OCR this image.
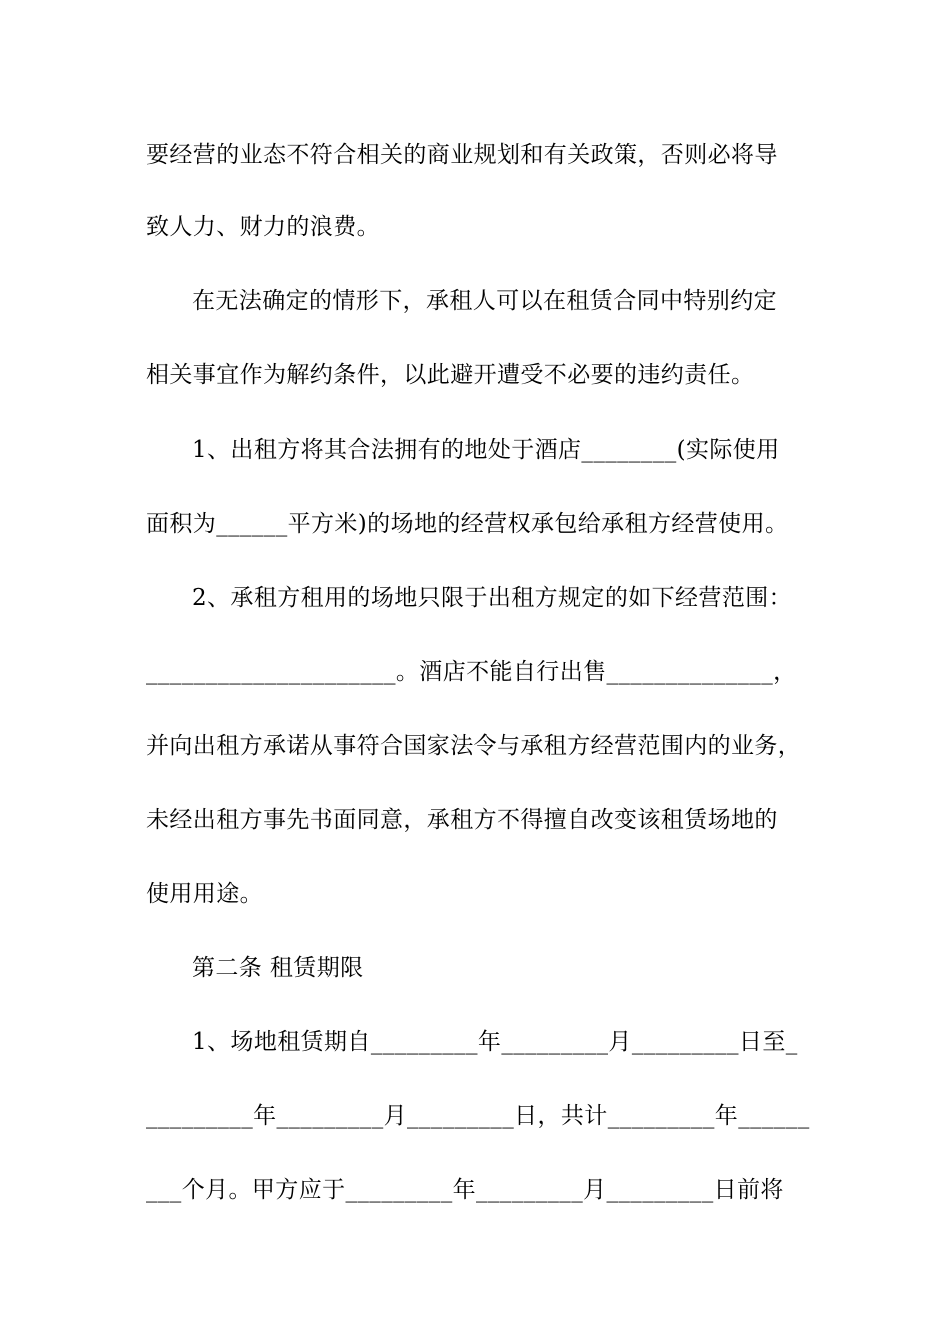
要经营的业态不符合相关的商业规划和有关政策，否则必将导
致人力、财力的浪费。
在无法确定的情形下，承租人可以在租赁合同中特别约定
相关事宜作为解约条件，以此避开遭受不必要的违约责任。
1、出租方将其合法拥有的地处于酒店________(实际使用
面积为______平方米)的场地的经营权承包给承租方经营使用。
2、承租方租用的场地只限于出租方规定的如下经营范围：
_____________________。酒店不能自行出售______________，
并向出租方承诺从事符合国家法令与承租方经营范围内的业务，
未经出租方事先书面同意，承租方不得擅自改变该租赁场地的
使用用途。
第二条 租赁期限
1、场地租赁期自_________年_________月_________日至_
_________年_________月_________日，共计_________年______
___个月。甲方应于_________年_________月_________日前将
